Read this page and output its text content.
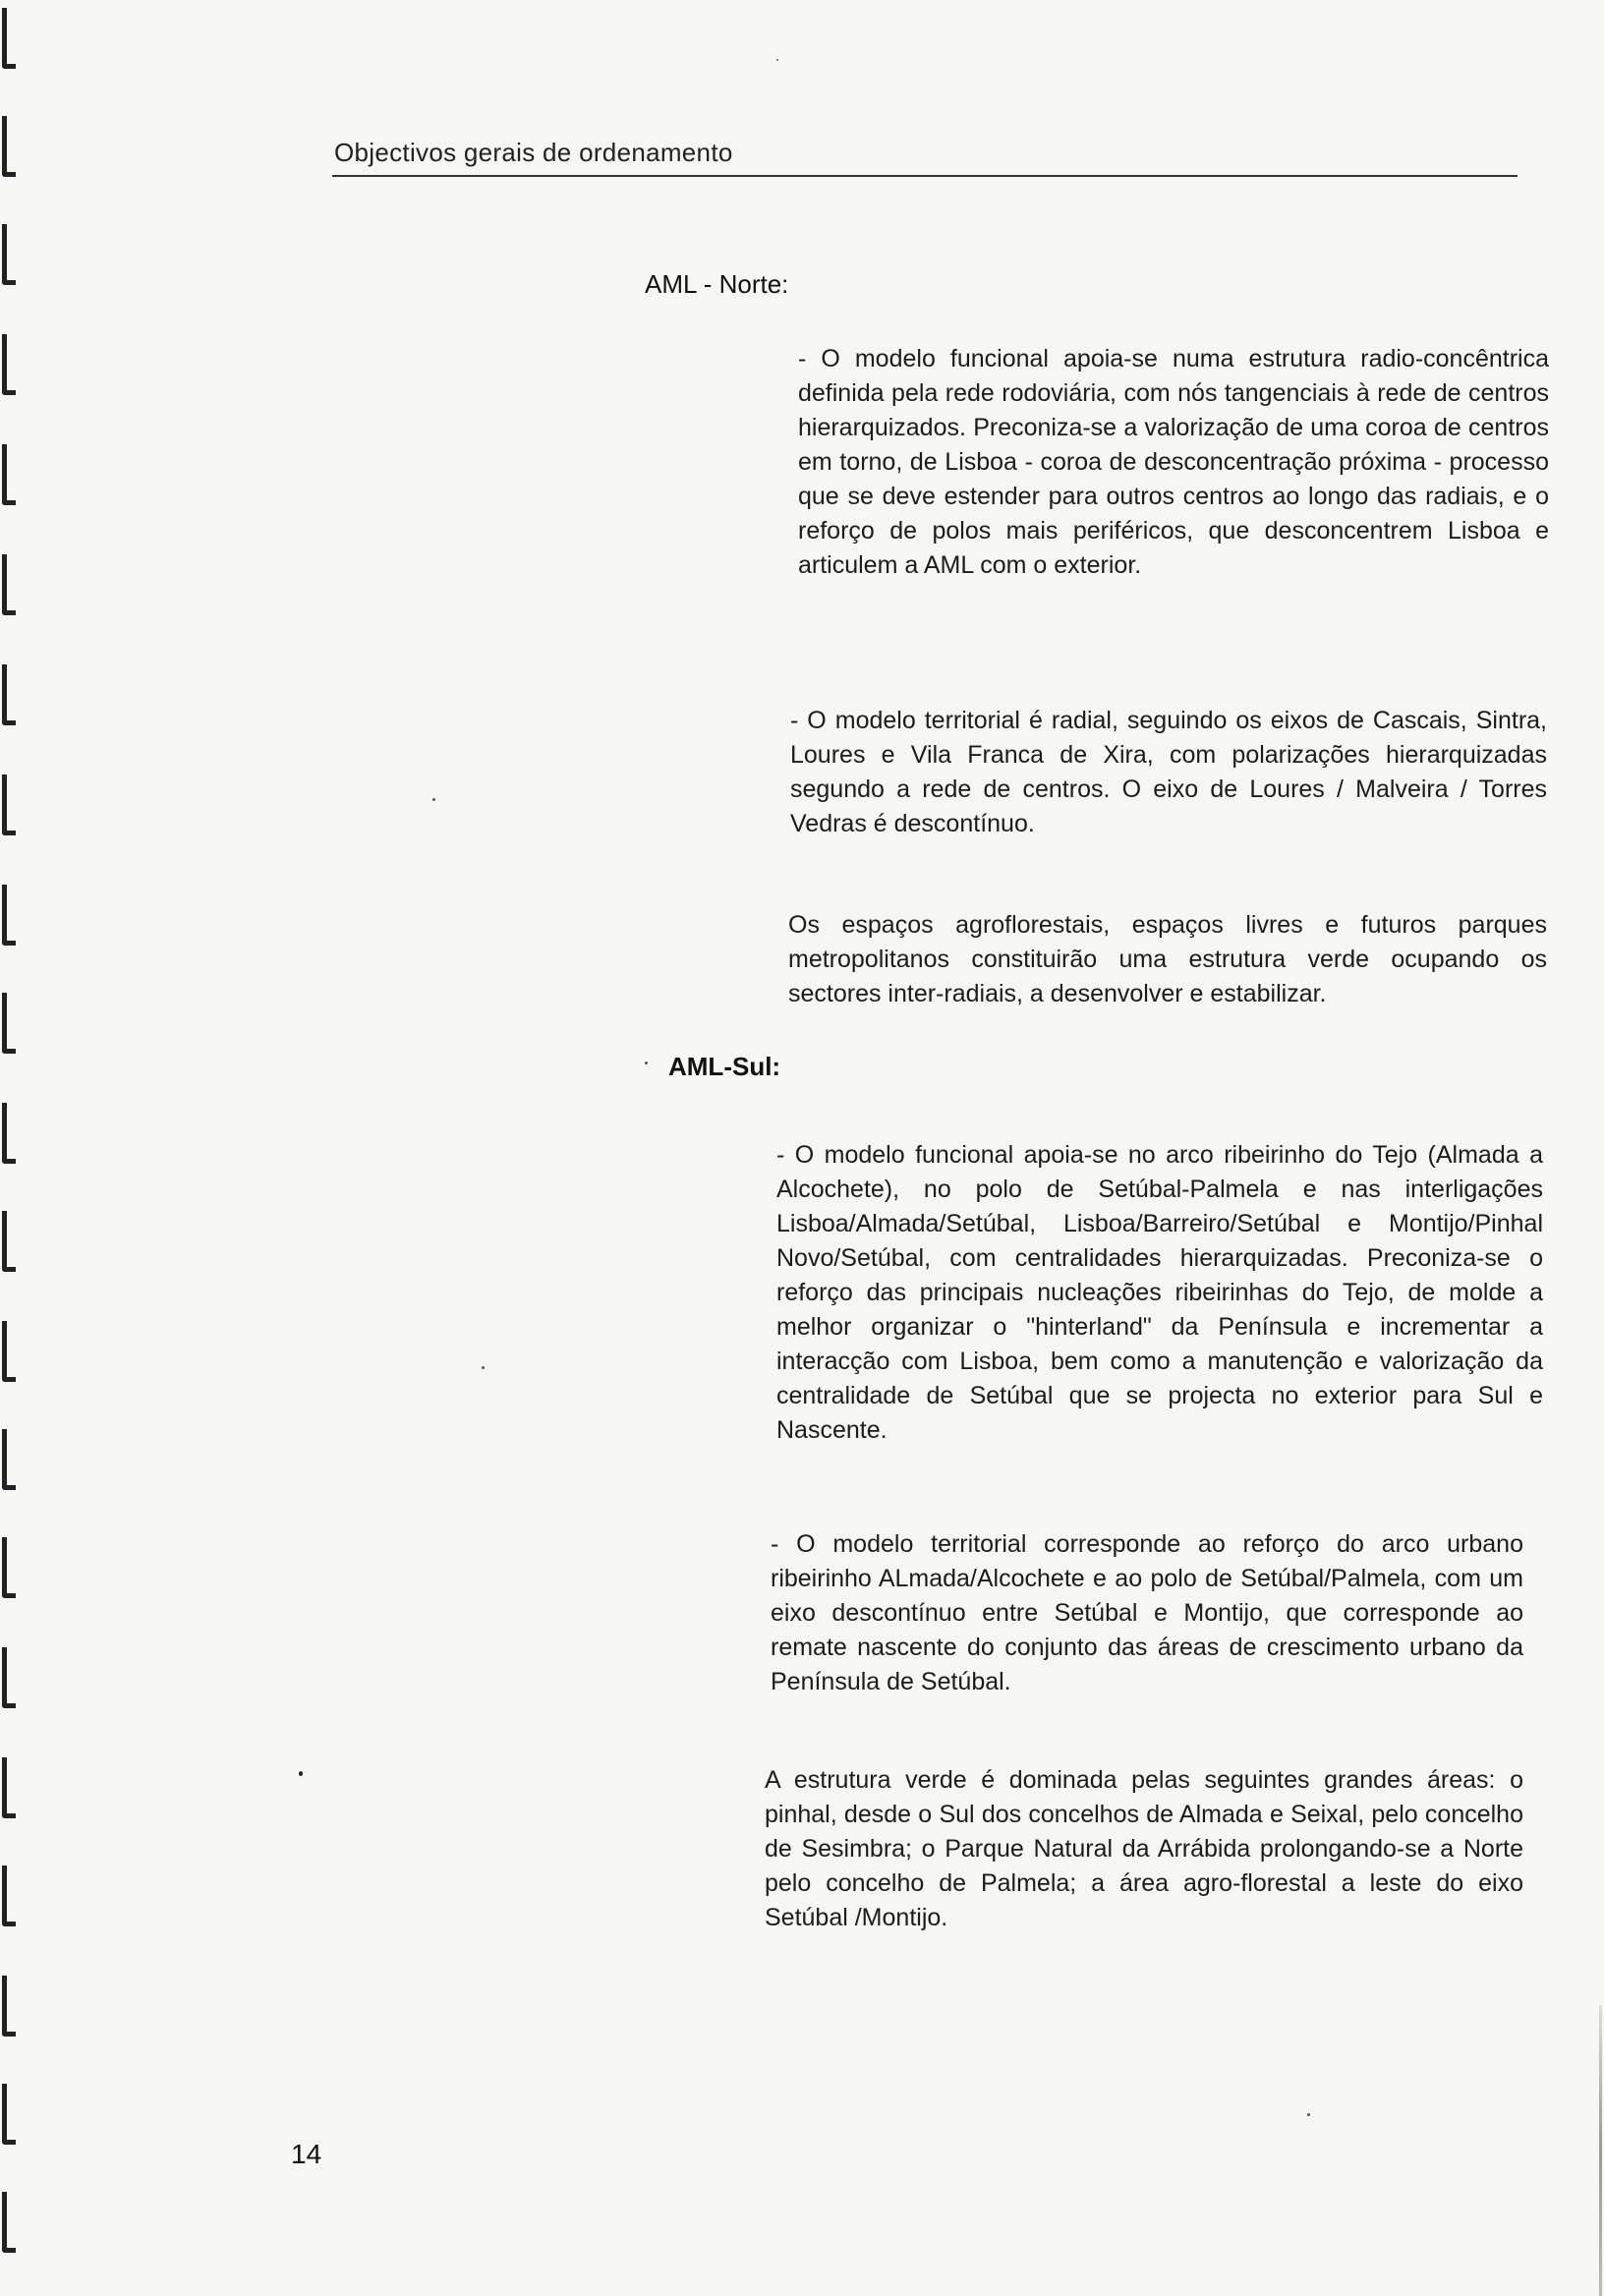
Objectivos gerais de ordenamento
AML - Norte:
- O modelo funcional apoia-se numa estrutura radio-concêntrica definida pela rede rodoviária, com nós tangenciais à rede de centros hierarquizados. Preconiza-se a valorização de uma coroa de centros em torno, de Lisboa - coroa de desconcentração próxima - processo que se deve estender para outros centros ao longo das radiais, e o reforço de polos mais periféricos, que desconcentrem Lisboa e articulem a AML com o exterior.
- O modelo territorial é radial, seguindo os eixos de Cascais, Sintra, Loures e Vila Franca de Xira, com polarizações hierarquizadas segundo a rede de centros. O eixo de Loures / Malveira / Torres Vedras é descontínuo.
Os espaços agroflorestais, espaços livres e futuros parques metropolitanos constituirão uma estrutura verde ocupando os sectores inter-radiais, a desenvolver e estabilizar.
AML-Sul:
- O modelo funcional apoia-se no arco ribeirinho do Tejo (Almada a Alcochete), no polo de Setúbal-Palmela e nas interligações Lisboa/Almada/Setúbal, Lisboa/Barreiro/Setúbal e Montijo/Pinhal Novo/Setúbal, com centralidades hierarquizadas. Preconiza-se o reforço das principais nucleações ribeirinhas do Tejo, de molde a melhor organizar o "hinterland" da Península e incrementar a interacção com Lisboa, bem como a manutenção e valorização da centralidade de Setúbal que se projecta no exterior para Sul e Nascente.
- O modelo territorial corresponde ao reforço do arco urbano ribeirinho ALmada/Alcochete e ao polo de Setúbal/Palmela, com um eixo descontínuo entre Setúbal e Montijo, que corresponde ao remate nascente do conjunto das áreas de crescimento urbano da Península de Setúbal.
A estrutura verde é dominada pelas seguintes grandes áreas: o pinhal, desde o Sul dos concelhos de Almada e Seixal, pelo concelho de Sesimbra; o Parque Natural da Arrábida prolongando-se a Norte pelo concelho de Palmela; a área agro-florestal a leste do eixo Setúbal /Montijo.
14
